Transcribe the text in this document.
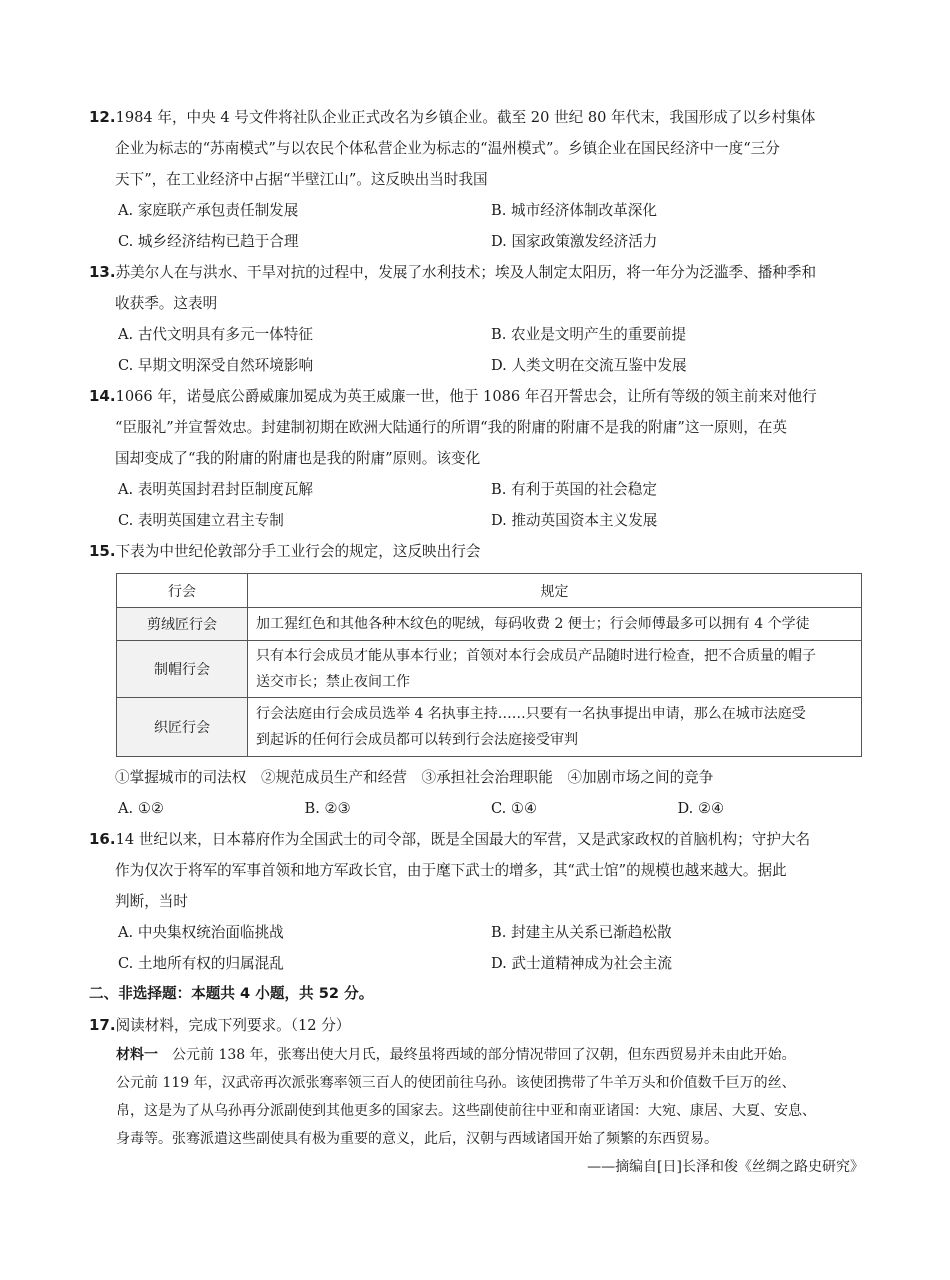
12.1984 年，中央 4 号文件将社队企业正式改名为乡镇企业。截至 20 世纪 80 年代末，我国形成了以乡村集体
企业为标志的“苏南模式”与以农民个体私营企业为标志的“温州模式”。乡镇企业在国民经济中一度“三分
天下”，在工业经济中占据“半壁江山”。这反映出当时我国
A. 家庭联产承包责任制发展	B. 城市经济体制改革深化
C. 城乡经济结构已趋于合理	D. 国家政策激发经济活力
13.苏美尔人在与洪水、干旱对抗的过程中，发展了水利技术；埃及人制定太阳历，将一年分为泛滥季、播种季和
收获季。这表明
A. 古代文明具有多元一体特征	B. 农业是文明产生的重要前提
C. 早期文明深受自然环境影响	D. 人类文明在交流互鉴中发展
14.1066 年，诺曼底公爵威廉加冕成为英王威廉一世，他于 1086 年召开誓忠会，让所有等级的领主前来对他行
“臣服礼”并宣誓效忠。封建制初期在欧洲大陆通行的所谓“我的附庸的附庸不是我的附庸”这一原则，在英
国却变成了“我的附庸的附庸也是我的附庸”原则。该变化
A. 表明英国封君封臣制度瓦解	B. 有利于英国的社会稳定
C. 表明英国建立君主专制	D. 推动英国资本主义发展
15.下表为中世纪伦敦部分手工业行会的规定，这反映出行会
行会	规定
剪绒匠行会	加工猩红色和其他各种木纹色的呢绒，每码收费 2 便士；行会师傅最多可以拥有 4 个学徒

制帽行会	只有本行会成员才能从事本行业；首领对本行会成员产品随时进行检查，把不合质量的帽子
送交市长；禁止夜间工作

织匠行会	行会法庭由行会成员选举 4 名执事主持……只要有一名执事提出申请，那么在城市法庭受
到起诉的任何行会成员都可以转到行会法庭接受审判
①掌握城市的司法权　②规范成员生产和经营　③承担社会治理职能　④加剧市场之间的竞争
A. ①②	B. ②③	C. ①④	D. ②④
16.14 世纪以来，日本幕府作为全国武士的司令部，既是全国最大的军营，又是武家政权的首脑机构；守护大名
作为仅次于将军的军事首领和地方军政长官，由于麾下武士的增多，其“武士馆”的规模也越来越大。据此
判断，当时
A. 中央集权统治面临挑战	B. 封建主从关系已渐趋松散
C. 土地所有权的归属混乱	D. 武士道精神成为社会主流
二、非选择题：本题共 4 小题，共 52 分。
17.阅读材料，完成下列要求。（12 分）
材料一 公元前 138 年，张骞出使大月氏，最终虽将西域的部分情况带回了汉朝，但东西贸易并未由此开始。
公元前 119 年，汉武帝再次派张骞率领三百人的使团前往乌孙。该使团携带了牛羊万头和价值数千巨万的丝、
帛，这是为了从乌孙再分派副使到其他更多的国家去。这些副使前往中亚和南亚诸国：大宛、康居、大夏、安息、
身毒等。张骞派遣这些副使具有极为重要的意义，此后，汉朝与西域诸国开始了频繁的东西贸易。
——摘编自[日]长泽和俊《丝绸之路史研究》
